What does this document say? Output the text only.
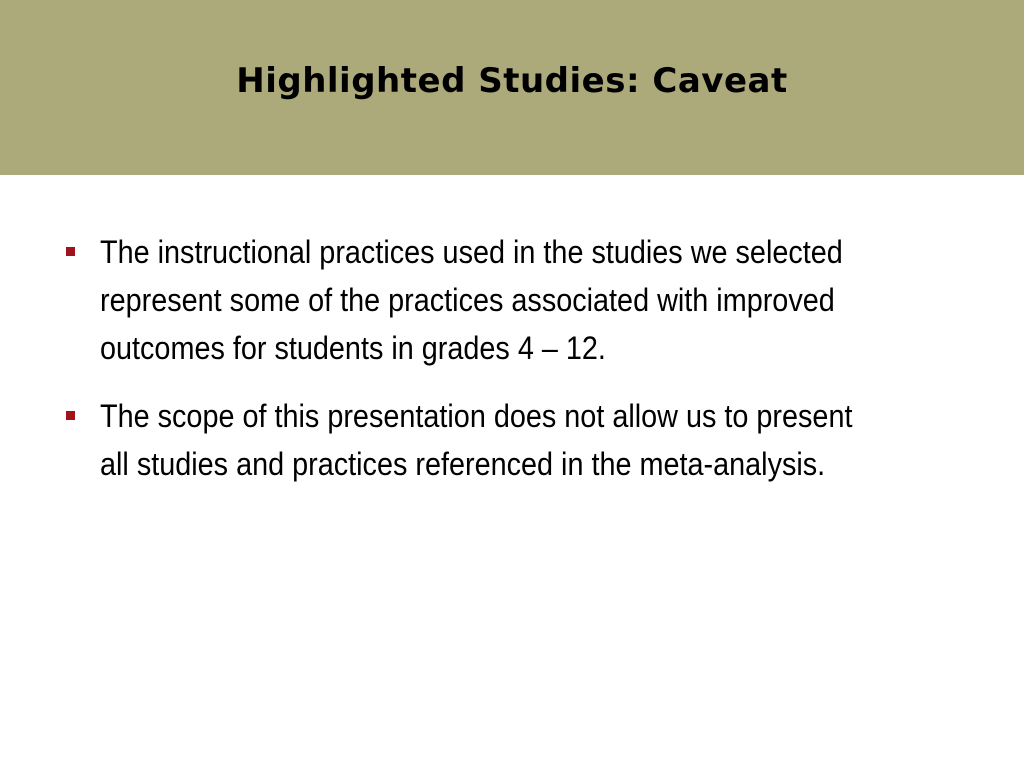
Highlighted Studies: Caveat
The instructional practices used in the studies we selected represent some of the practices associated with improved outcomes for students in grades 4 – 12.
The scope of this presentation does not allow us to present all studies and practices referenced in the meta-analysis.
